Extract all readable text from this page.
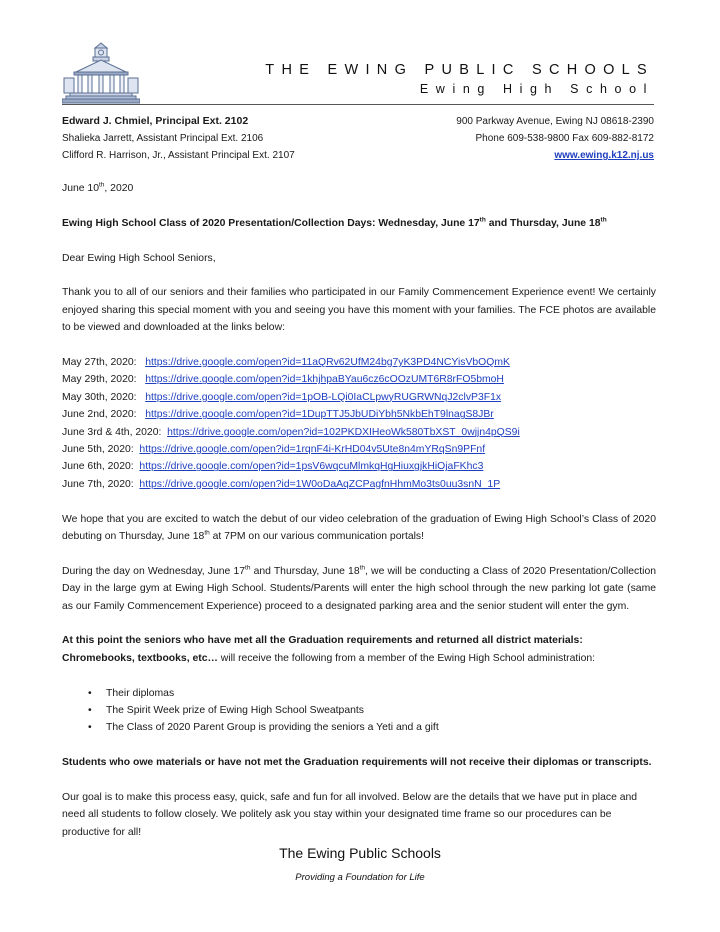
THE EWING PUBLIC SCHOOLS
Ewing High School
Edward J. Chmiel, Principal Ext. 2102
Shalieka Jarrett, Assistant Principal Ext. 2106
Clifford R. Harrison, Jr., Assistant Principal Ext. 2107
900 Parkway Avenue, Ewing NJ 08618-2390
Phone 609-538-9800 Fax 609-882-8172
www.ewing.k12.nj.us

June 10th, 2020

Ewing High School Class of 2020 Presentation/Collection Days: Wednesday, June 17th and Thursday, June 18th

Dear Ewing High School Seniors,

Thank you to all of our seniors and their families who participated in our Family Commencement Experience event! We certainly enjoyed sharing this special moment with you and seeing you have this moment with your families. The FCE photos are available to be viewed and downloaded at the links below:

May 27th, 2020:   https://drive.google.com/open?id=11aQRv62UfM24bg7yK3PD4NCYisVbOQmK
May 29th, 2020:   https://drive.google.com/open?id=1khjhpaBYau6cz6cOOzUMT6R8rFO5bmoH
May 30th, 2020:   https://drive.google.com/open?id=1pOB-LQi0IaCLpwyRUGRWNqJ2clvP3F1x
June 2nd, 2020:   https://drive.google.com/open?id=1DupTTJ5JbUDiYbh5NkbEhT9lnagS8JBr
June 3rd & 4th, 2020:  https://drive.google.com/open?id=102PKDXIHeoWk580TbXST_0wjjn4pQS9i
June 5th, 2020:  https://drive.google.com/open?id=1rqnF4i-KrHD04v5Ute8n4mYRqSn9PFnf
June 6th, 2020:  https://drive.google.com/open?id=1psV6wqcuMlmkqHgHiuxgjkHiOjaFKhc3
June 7th, 2020:  https://drive.google.com/open?id=1W0oDaAqZCPagfnHhmMo3ts0uu3snN_1P

We hope that you are excited to watch the debut of our video celebration of the graduation of Ewing High School’s Class of 2020 debuting on Thursday, June 18th at 7PM on our various communication portals!

During the day on Wednesday, June 17th and Thursday, June 18th, we will be conducting a Class of 2020 Presentation/Collection Day in the large gym at Ewing High School. Students/Parents will enter the high school through the new parking lot gate (same as our Family Commencement Experience) proceed to a designated parking area and the senior student will enter the gym.

At this point the seniors who have met all the Graduation requirements and returned all district materials: Chromebooks, textbooks, etc… will receive the following from a member of the Ewing High School administration:

• Their diplomas
• The Spirit Week prize of Ewing High School Sweatpants
• The Class of 2020 Parent Group is providing the seniors a Yeti and a gift

Students who owe materials or have not met the Graduation requirements will not receive their diplomas or transcripts.

Our goal is to make this process easy, quick, safe and fun for all involved. Below are the details that we have put in place and need all students to follow closely. We politely ask you stay within your designated time frame so our procedures can be productive for all!

The Ewing Public Schools
Providing a Foundation for Life
